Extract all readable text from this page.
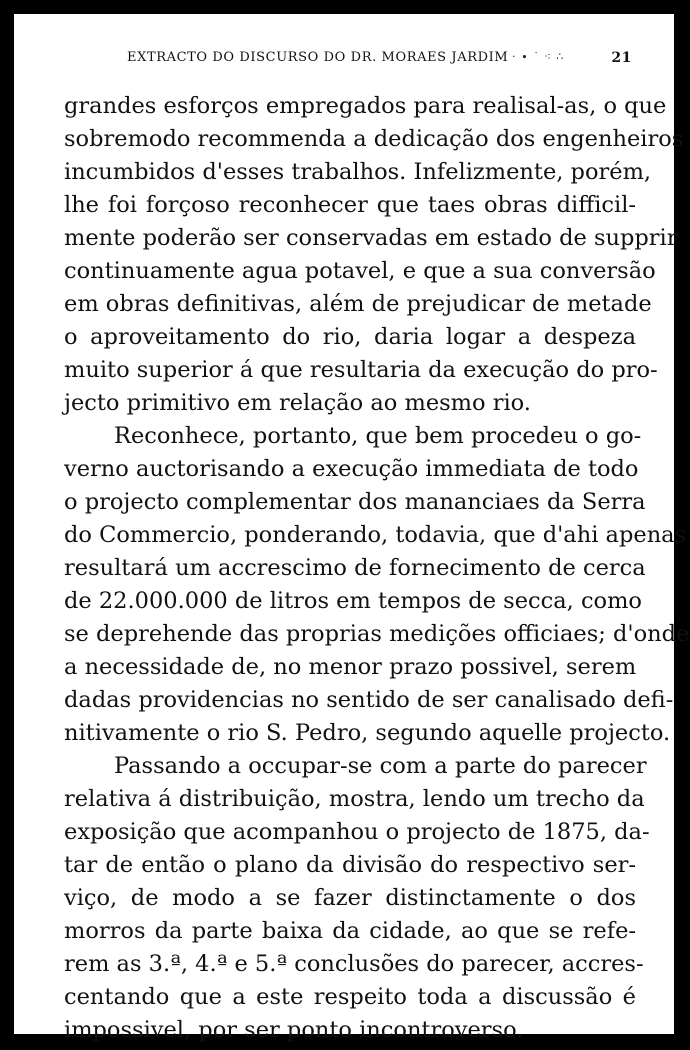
· ∙ ˙ ⁖ ∴
EXTRACTO DO DISCURSO DO DR. MORAES JARDIM	21
grandes esforços empregados para realisal-as, o que
sobremodo recommenda a dedicação dos engenheiros
incumbidos d'esses trabalhos. Infelizmente, porém,
lhe foi forçoso reconhecer que taes obras difficil-
mente poderão ser conservadas em estado de supprir
continuamente agua potavel, e que a sua conversão
em obras definitivas, além de prejudicar de metade
o aproveitamento do rio, daria logar a despeza
muito superior á que resultaria da execução do pro-
jecto primitivo em relação ao mesmo rio.
Reconhece, portanto, que bem procedeu o go-
verno auctorisando a execução immediata de todo
o projecto complementar dos mananciaes da Serra
do Commercio, ponderando, todavia, que d'ahi apenas
resultará um accrescimo de fornecimento de cerca
de 22.000.000 de litros em tempos de secca, como
se deprehende das proprias medições officiaes; d'onde
a necessidade de, no menor prazo possivel, serem
dadas providencias no sentido de ser canalisado defi-
nitivamente o rio S. Pedro, segundo aquelle projecto.
Passando a occupar-se com a parte do parecer
relativa á distribuição, mostra, lendo um trecho da
exposição que acompanhou o projecto de 1875, da-
tar de então o plano da divisão do respectivo ser-
viço, de modo a se fazer distinctamente o dos
morros da parte baixa da cidade, ao que se refe-
rem as 3.ª, 4.ª e 5.ª conclusões do parecer, accres-
centando que a este respeito toda a discussão é
impossivel, por ser ponto incontroverso.
